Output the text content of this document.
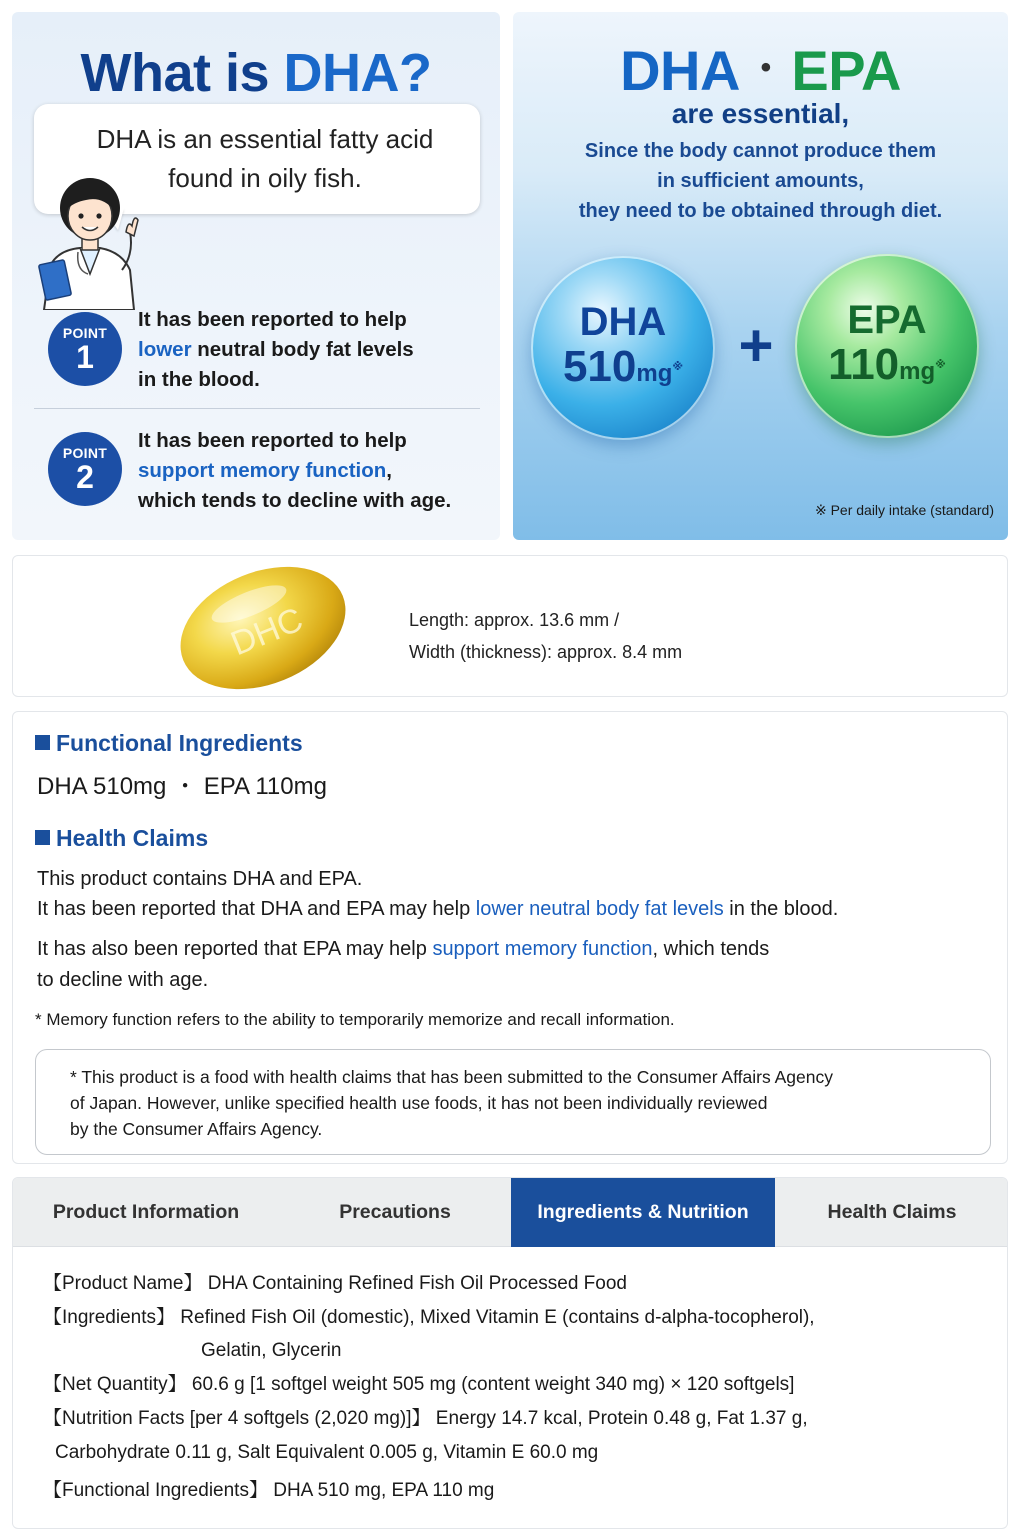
What is DHA?
DHA is an essential fatty acid
found in oily fish.
POINT
1
It has been reported to help
lower neutral body fat levels
in the blood.
POINT
2
It has been reported to help
support memory function,
which tends to decline with age.
DHA ・ EPA
are essential,
Since the body cannot produce them
in sufficient amounts,
they need to be obtained through diet.
DHA
510mg※ +	EPA
110mg※
※ Per daily intake (standard)
DHC	Length: approx. 13.6 mm /
Width (thickness): approx. 8.4 mm
Functional Ingredients
DHA 510mg ・ EPA 110mg
Health Claims
This product contains DHA and EPA.
It has been reported that DHA and EPA may help lower neutral body fat levels in the blood.
It has also been reported that EPA may help support memory function, which tends
to decline with age.
* Memory function refers to the ability to temporarily memorize and recall information.
* This product is a food with health claims that has been submitted to the Consumer Affairs Agency
of Japan. However, unlike specified health use foods, it has not been individually reviewed
by the Consumer Affairs Agency.
Product Information	Precautions	Ingredients & Nutrition	Health Claims
【Product Name】 DHA Containing Refined Fish Oil Processed Food
【Ingredients】 Refined Fish Oil (domestic), Mixed Vitamin E (contains d-alpha-tocopherol),
Gelatin, Glycerin
【Net Quantity】 60.6 g [1 softgel weight 505 mg (content weight 340 mg) × 120 softgels]
【Nutrition Facts [per 4 softgels (2,020 mg)]】 Energy 14.7 kcal, Protein 0.48 g, Fat 1.37 g,
Carbohydrate 0.11 g, Salt Equivalent 0.005 g, Vitamin E 60.0 mg
【Functional Ingredients】 DHA 510 mg, EPA 110 mg
